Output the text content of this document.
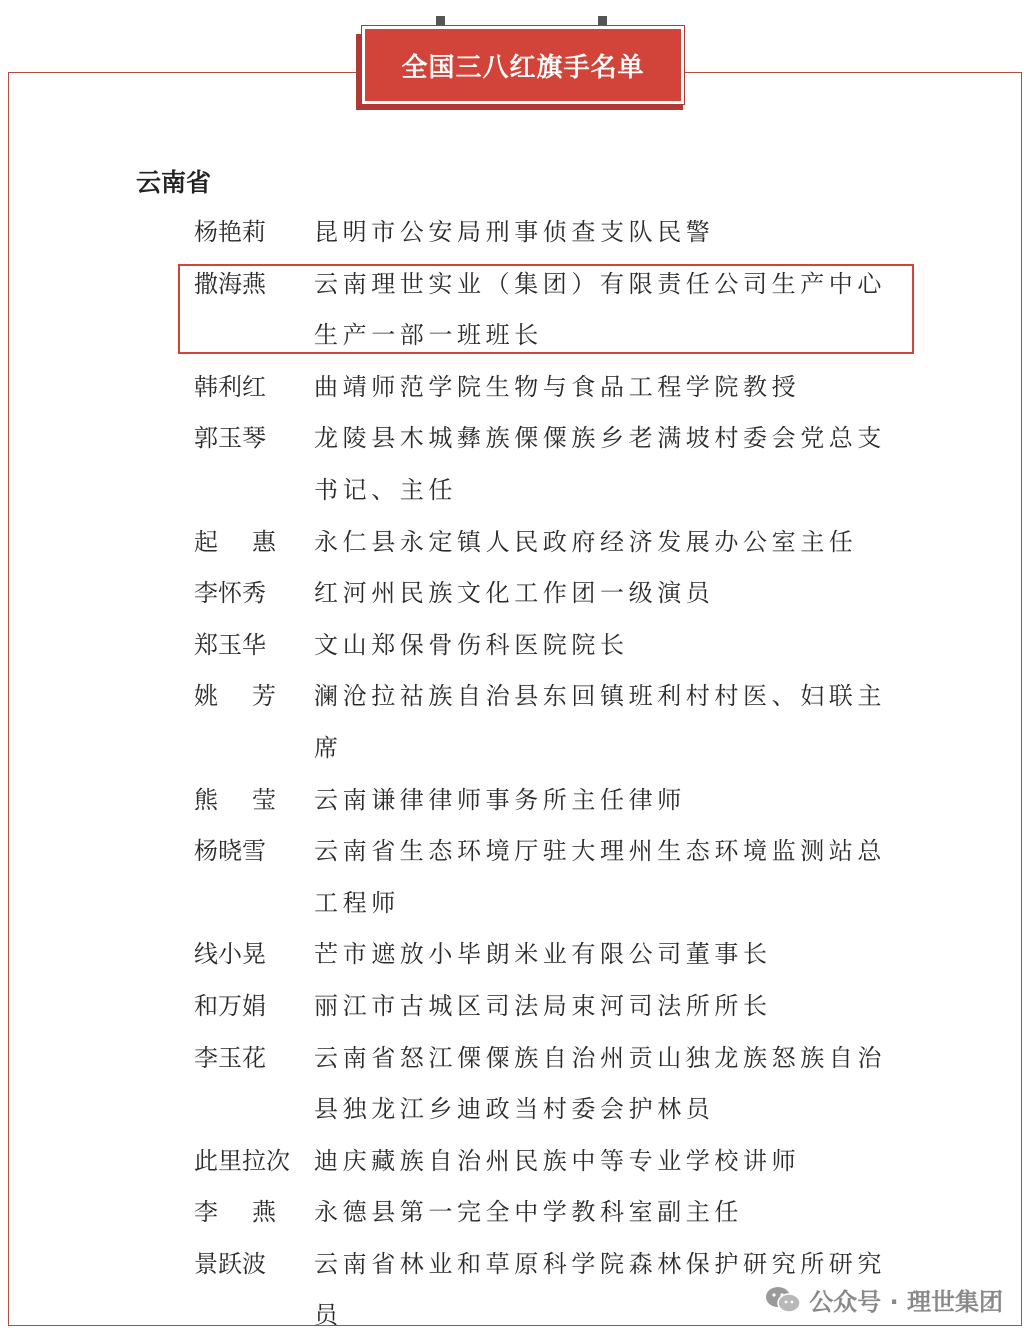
全国三八红旗手名单
云南省
杨艳莉 昆明市公安局刑事侦查支队民警
撒海燕 云南理世实业（集团）有限责任公司生产中心生产一部一班班长
韩利红 曲靖师范学院生物与食品工程学院教授
郭玉琴 龙陵县木城彝族傈僳族乡老满坡村委会党总支书记、主任
起惠 永仁县永定镇人民政府经济发展办公室主任
李怀秀 红河州民族文化工作团一级演员
郑玉华 文山郑保骨伤科医院院长
姚芳 澜沧拉祜族自治县东回镇班利村村医、妇联主席
熊莹 云南谦律律师事务所主任律师
杨晓雪 云南省生态环境厅驻大理州生态环境监测站总工程师
线小晃 芒市遮放小毕朗米业有限公司董事长
和万娟 丽江市古城区司法局束河司法所所长
李玉花 云南省怒江傈僳族自治州贡山独龙族怒族自治县独龙江乡迪政当村委会护林员
此里拉次 迪庆藏族自治州民族中等专业学校讲师
李燕 永德县第一完全中学教科室副主任
景跃波 云南省林业和草原科学院森林保护研究所研究员	公众号 · 理世集团
